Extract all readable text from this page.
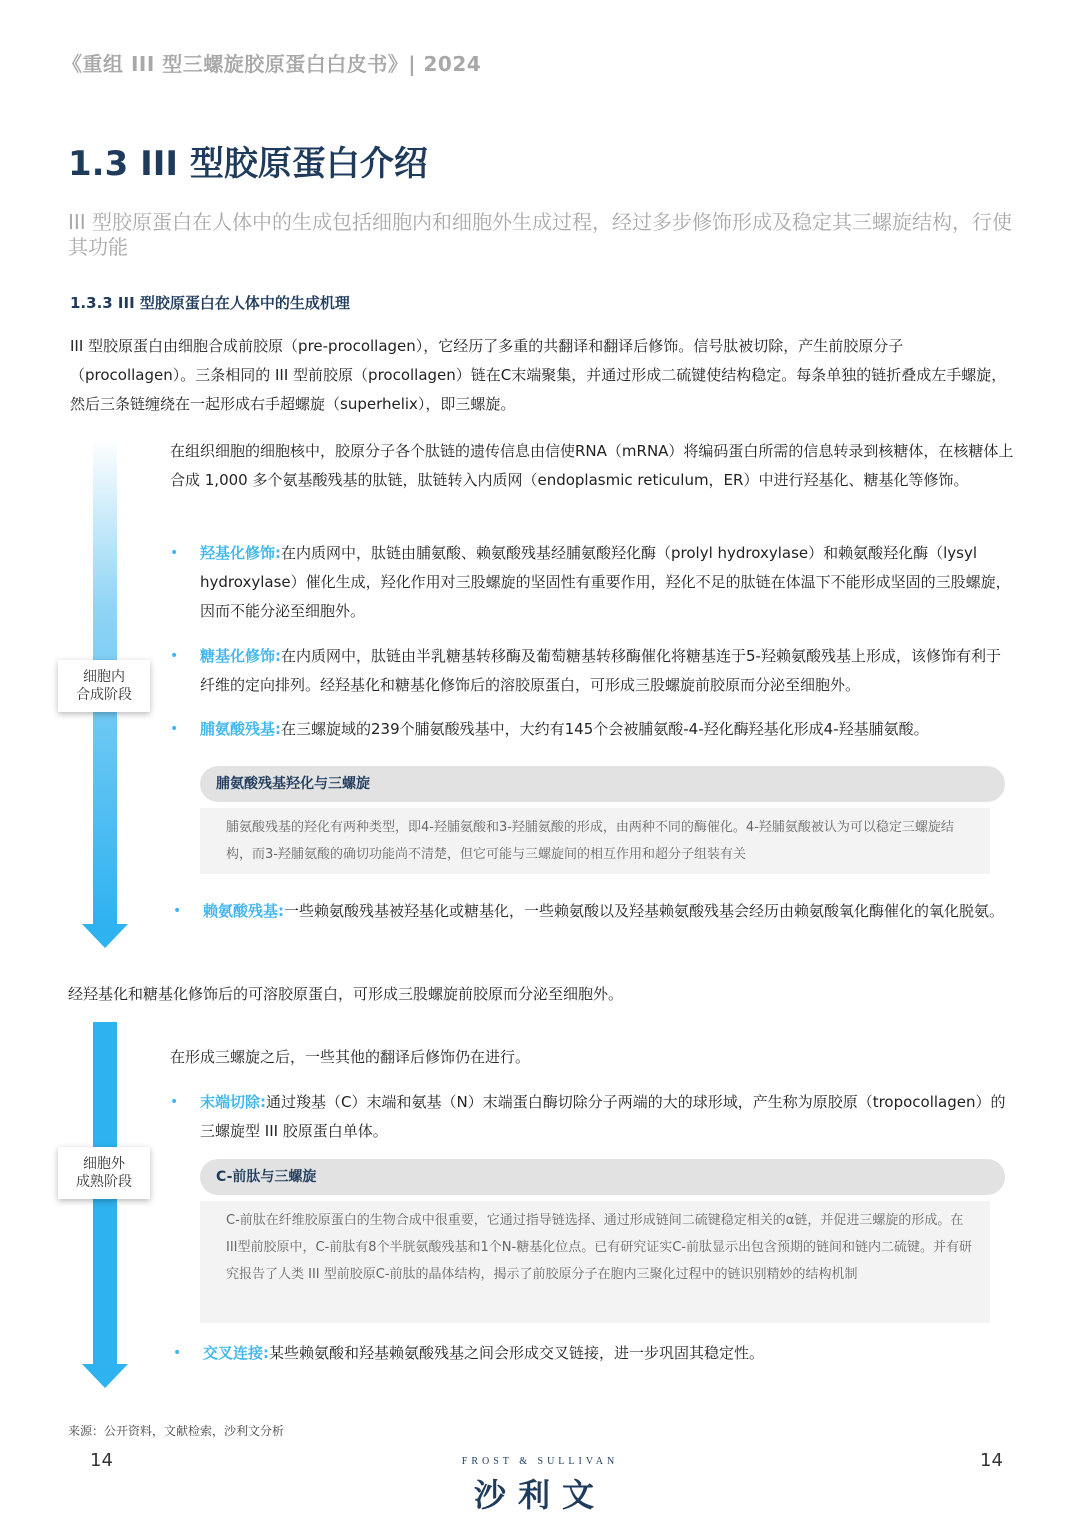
《重组 III 型三螺旋胶原蛋白白皮书》| 2024
1.3 III 型胶原蛋白介绍
III 型胶原蛋白在人体中的生成包括细胞内和细胞外生成过程，经过多步修饰形成及稳定其三螺旋结构，行使其功能
1.3.3 III 型胶原蛋白在人体中的生成机理
III 型胶原蛋白由细胞合成前胶原（pre-procollagen），它经历了多重的共翻译和翻译后修饰。信号肽被切除，产生前胶原分子（procollagen）。三条相同的 III 型前胶原（procollagen）链在C末端聚集，并通过形成二硫键使结构稳定。每条单独的链折叠成左手螺旋，然后三条链缠绕在一起形成右手超螺旋（superhelix），即三螺旋。
细胞内
合成阶段
在组织细胞的细胞核中，胶原分子各个肽链的遗传信息由信使RNA（mRNA）将编码蛋白所需的信息转录到核糖体，在核糖体上合成 1,000 多个氨基酸残基的肽链，肽链转入内质网（endoplasmic reticulum，ER）中进行羟基化、糖基化等修饰。
• 羟基化修饰:在内质网中，肽链由脯氨酸、赖氨酸残基经脯氨酸羟化酶（prolyl hydroxylase）和赖氨酸羟化酶（lysyl hydroxylase）催化生成，羟化作用对三股螺旋的坚固性有重要作用，羟化不足的肽链在体温下不能形成坚固的三股螺旋，因而不能分泌至细胞外。
• 糖基化修饰:在内质网中，肽链由半乳糖基转移酶及葡萄糖基转移酶催化将糖基连于5-羟赖氨酸残基上形成，该修饰有利于纤维的定向排列。经羟基化和糖基化修饰后的溶胶原蛋白，可形成三股螺旋前胶原而分泌至细胞外。
• 脯氨酸残基:在三螺旋域的239个脯氨酸残基中，大约有145个会被脯氨酸-4-羟化酶羟基化形成4-羟基脯氨酸。
脯氨酸残基羟化与三螺旋
脯氨酸残基的羟化有两种类型，即4-羟脯氨酸和3-羟脯氨酸的形成，由两种不同的酶催化。4-羟脯氨酸被认为可以稳定三螺旋结构，而3-羟脯氨酸的确切功能尚不清楚，但它可能与三螺旋间的相互作用和超分子组装有关
• 赖氨酸残基:一些赖氨酸残基被羟基化或糖基化，一些赖氨酸以及羟基赖氨酸残基会经历由赖氨酸氧化酶催化的氧化脱氨。
经羟基化和糖基化修饰后的可溶胶原蛋白，可形成三股螺旋前胶原而分泌至细胞外。
细胞外
成熟阶段
在形成三螺旋之后，一些其他的翻译后修饰仍在进行。
• 末端切除:通过羧基（C）末端和氨基（N）末端蛋白酶切除分子两端的大的球形域，产生称为原胶原（tropocollagen）的三螺旋型 III 胶原蛋白单体。
C-前肽与三螺旋
C-前肽在纤维胶原蛋白的生物合成中很重要，它通过指导链选择、通过形成链间二硫键稳定相关的α链，并促进三螺旋的形成。在III型前胶原中，C-前肽有8个半胱氨酸残基和1个N-糖基化位点。已有研究证实C-前肽显示出包含预期的链间和链内二硫键。并有研究报告了人类 III 型前胶原C-前肽的晶体结构，揭示了前胶原分子在胞内三聚化过程中的链识别精妙的结构机制
• 交叉连接:某些赖氨酸和羟基赖氨酸残基之间会形成交叉链接，进一步巩固其稳定性。
来源：公开资料，文献检索，沙利文分析
14	14
FROST & SULLIVAN
沙利文
